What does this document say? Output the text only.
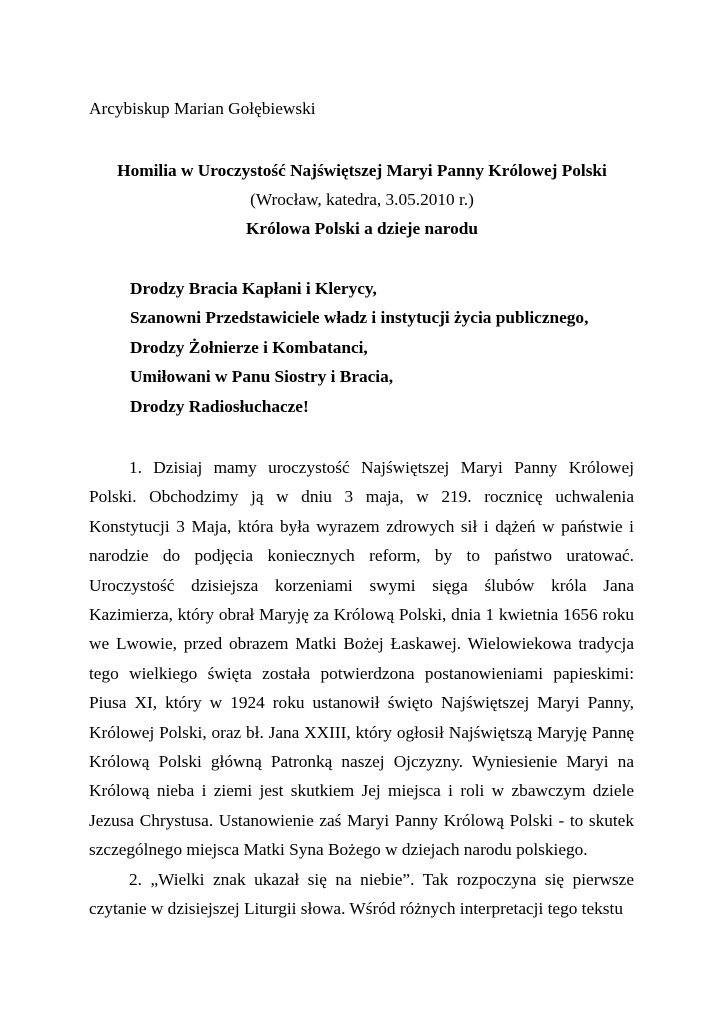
Arcybiskup Marian Gołębiewski
Homilia w Uroczystość Najświętszej Maryi Panny Królowej Polski
(Wrocław, katedra, 3.05.2010 r.)
Królowa Polski a dzieje narodu
Drodzy Bracia Kapłani i Klerycy,
Szanowni Przedstawiciele władz i instytucji życia publicznego,
Drodzy Żołnierze i Kombatanci,
Umiłowani w Panu Siostry i Bracia,
Drodzy Radiosłuchacze!

1. Dzisiaj mamy uroczystość Najświętszej Maryi Panny Królowej Polski. Obchodzimy ją w dniu 3 maja, w 219. rocznicę uchwalenia Konstytucji 3 Maja, która była wyrazem zdrowych sił i dążeń w państwie i narodzie do podjęcia koniecznych reform, by to państwo uratować. Uroczystość dzisiejsza korzeniami swymi sięga ślubów króla Jana Kazimierza, który obrał Maryję za Królową Polski, dnia 1 kwietnia 1656 roku we Lwowie, przed obrazem Matki Bożej Łaskawej. Wielowiekowa tradycja tego wielkiego święta została potwierdzona postanowieniami papieskimi: Piusa XI, który w 1924 roku ustanowił święto Najświętszej Maryi Panny, Królowej Polski, oraz bł. Jana XXIII, który ogłosił Najświętszą Maryję Pannę Królową Polski główną Patronką naszej Ojczyzny. Wyniesienie Maryi na Królową nieba i ziemi jest skutkiem Jej miejsca i roli w zbawczym dziele Jezusa Chrystusa. Ustanowienie zaś Maryi Panny Królową Polski - to skutek szczególnego miejsca Matki Syna Bożego w dziejach narodu polskiego.

2. „Wielki znak ukazał się na niebie”. Tak rozpoczyna się pierwsze czytanie w dzisiejszej Liturgii słowa. Wśród różnych interpretacji tego tekstu
